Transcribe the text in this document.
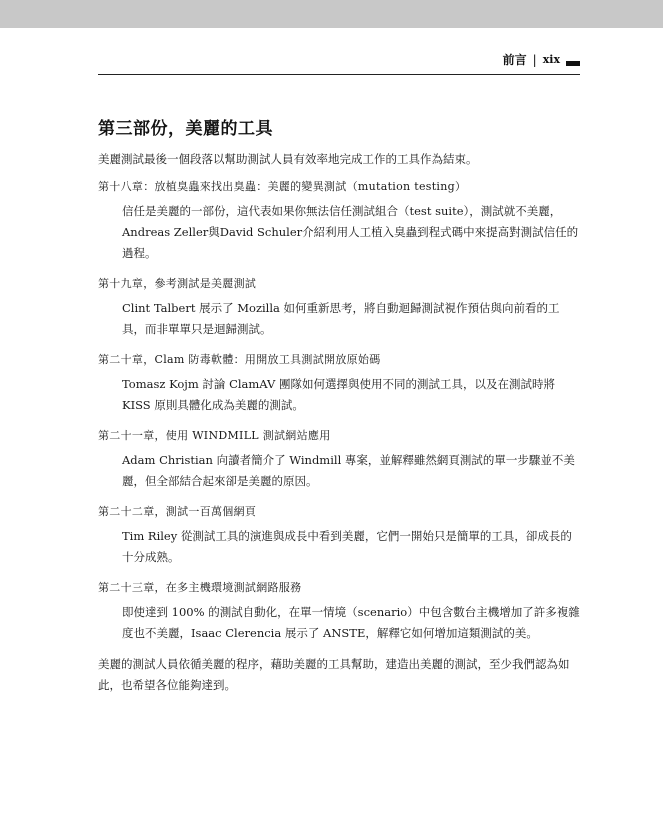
前言 | xix
第三部份，美麗的工具

美麗測試最後一個段落以幫助測試人員有效率地完成工作的工具作為結束。

第十八章：放植臭蟲來找出臭蟲：美麗的變異測試（mutation testing）

信任是美麗的一部份，這代表如果你無法信任測試組合（test suite），測試就不美麗，Andreas Zeller與David Schuler介紹利用人工植入臭蟲到程式碼中來提高對測試信任的過程。

第十九章，參考測試是美麗測試

Clint Talbert 展示了 Mozilla 如何重新思考，將自動迴歸測試視作預估與向前看的工具，而非單單只是迴歸測試。

第二十章，Clam 防毒軟體：用開放工具測試開放原始碼

Tomasz Kojm 討論 ClamAV 團隊如何選擇與使用不同的測試工具，以及在測試時將 KISS 原則具體化成為美麗的測試。

第二十一章，使用 WINDMILL 測試網站應用

Adam Christian 向讀者簡介了 Windmill 專案，並解釋雖然網頁測試的單一步驟並不美麗，但全部結合起來卻是美麗的原因。

第二十二章，測試一百萬個網頁

Tim Riley 從測試工具的演進與成長中看到美麗，它們一開始只是簡單的工具，卻成長的十分成熟。

第二十三章，在多主機環境測試網路服務

即使達到 100% 的測試自動化，在單一情境（scenario）中包含數台主機增加了許多複雜度也不美麗，Isaac Clerencia 展示了 ANSTE，解釋它如何增加這類測試的美。

美麗的測試人員依循美麗的程序，藉助美麗的工具幫助，建造出美麗的測試，至少我們認為如此，也希望各位能夠達到。
